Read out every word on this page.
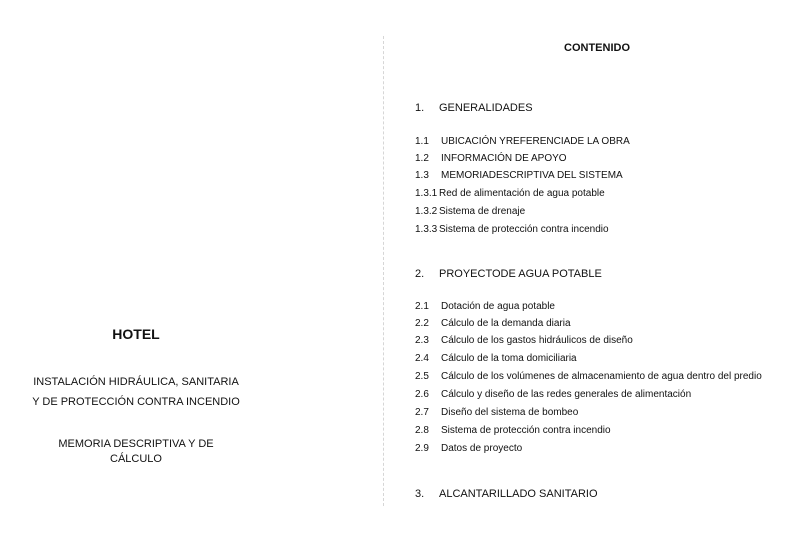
HOTEL
INSTALACIÓN HIDRÁULICA, SANITARIA
Y DE PROTECCIÓN CONTRA INCENDIO
MEMORIA DESCRIPTIVA Y DE
CÁLCULO
CONTENIDO
1. GENERALIDADES
1.1 UBICACIÓN YREFERENCIADE LA OBRA
1.2 INFORMACIÓN DE APOYO
1.3 MEMORIADESCRIPTIVA DEL SISTEMA
1.3.1 Red de alimentación de agua potable
1.3.2 Sistema de drenaje
1.3.3 Sistema de protección contra incendio
2. PROYECTODE AGUA POTABLE
2.1 Dotación de agua potable
2.2 Cálculo de la demanda diaria
2.3 Cálculo de los gastos hidráulicos de diseño
2.4 Cálculo de la toma domiciliaria
2.5 Cálculo de los volúmenes de almacenamiento de agua dentro del predio
2.6 Cálculo y diseño de las redes generales de alimentación
2.7 Diseño del sistema de bombeo
2.8 Sistema de protección contra incendio
2.9 Datos de proyecto
3. ALCANTARILLADO SANITARIO
